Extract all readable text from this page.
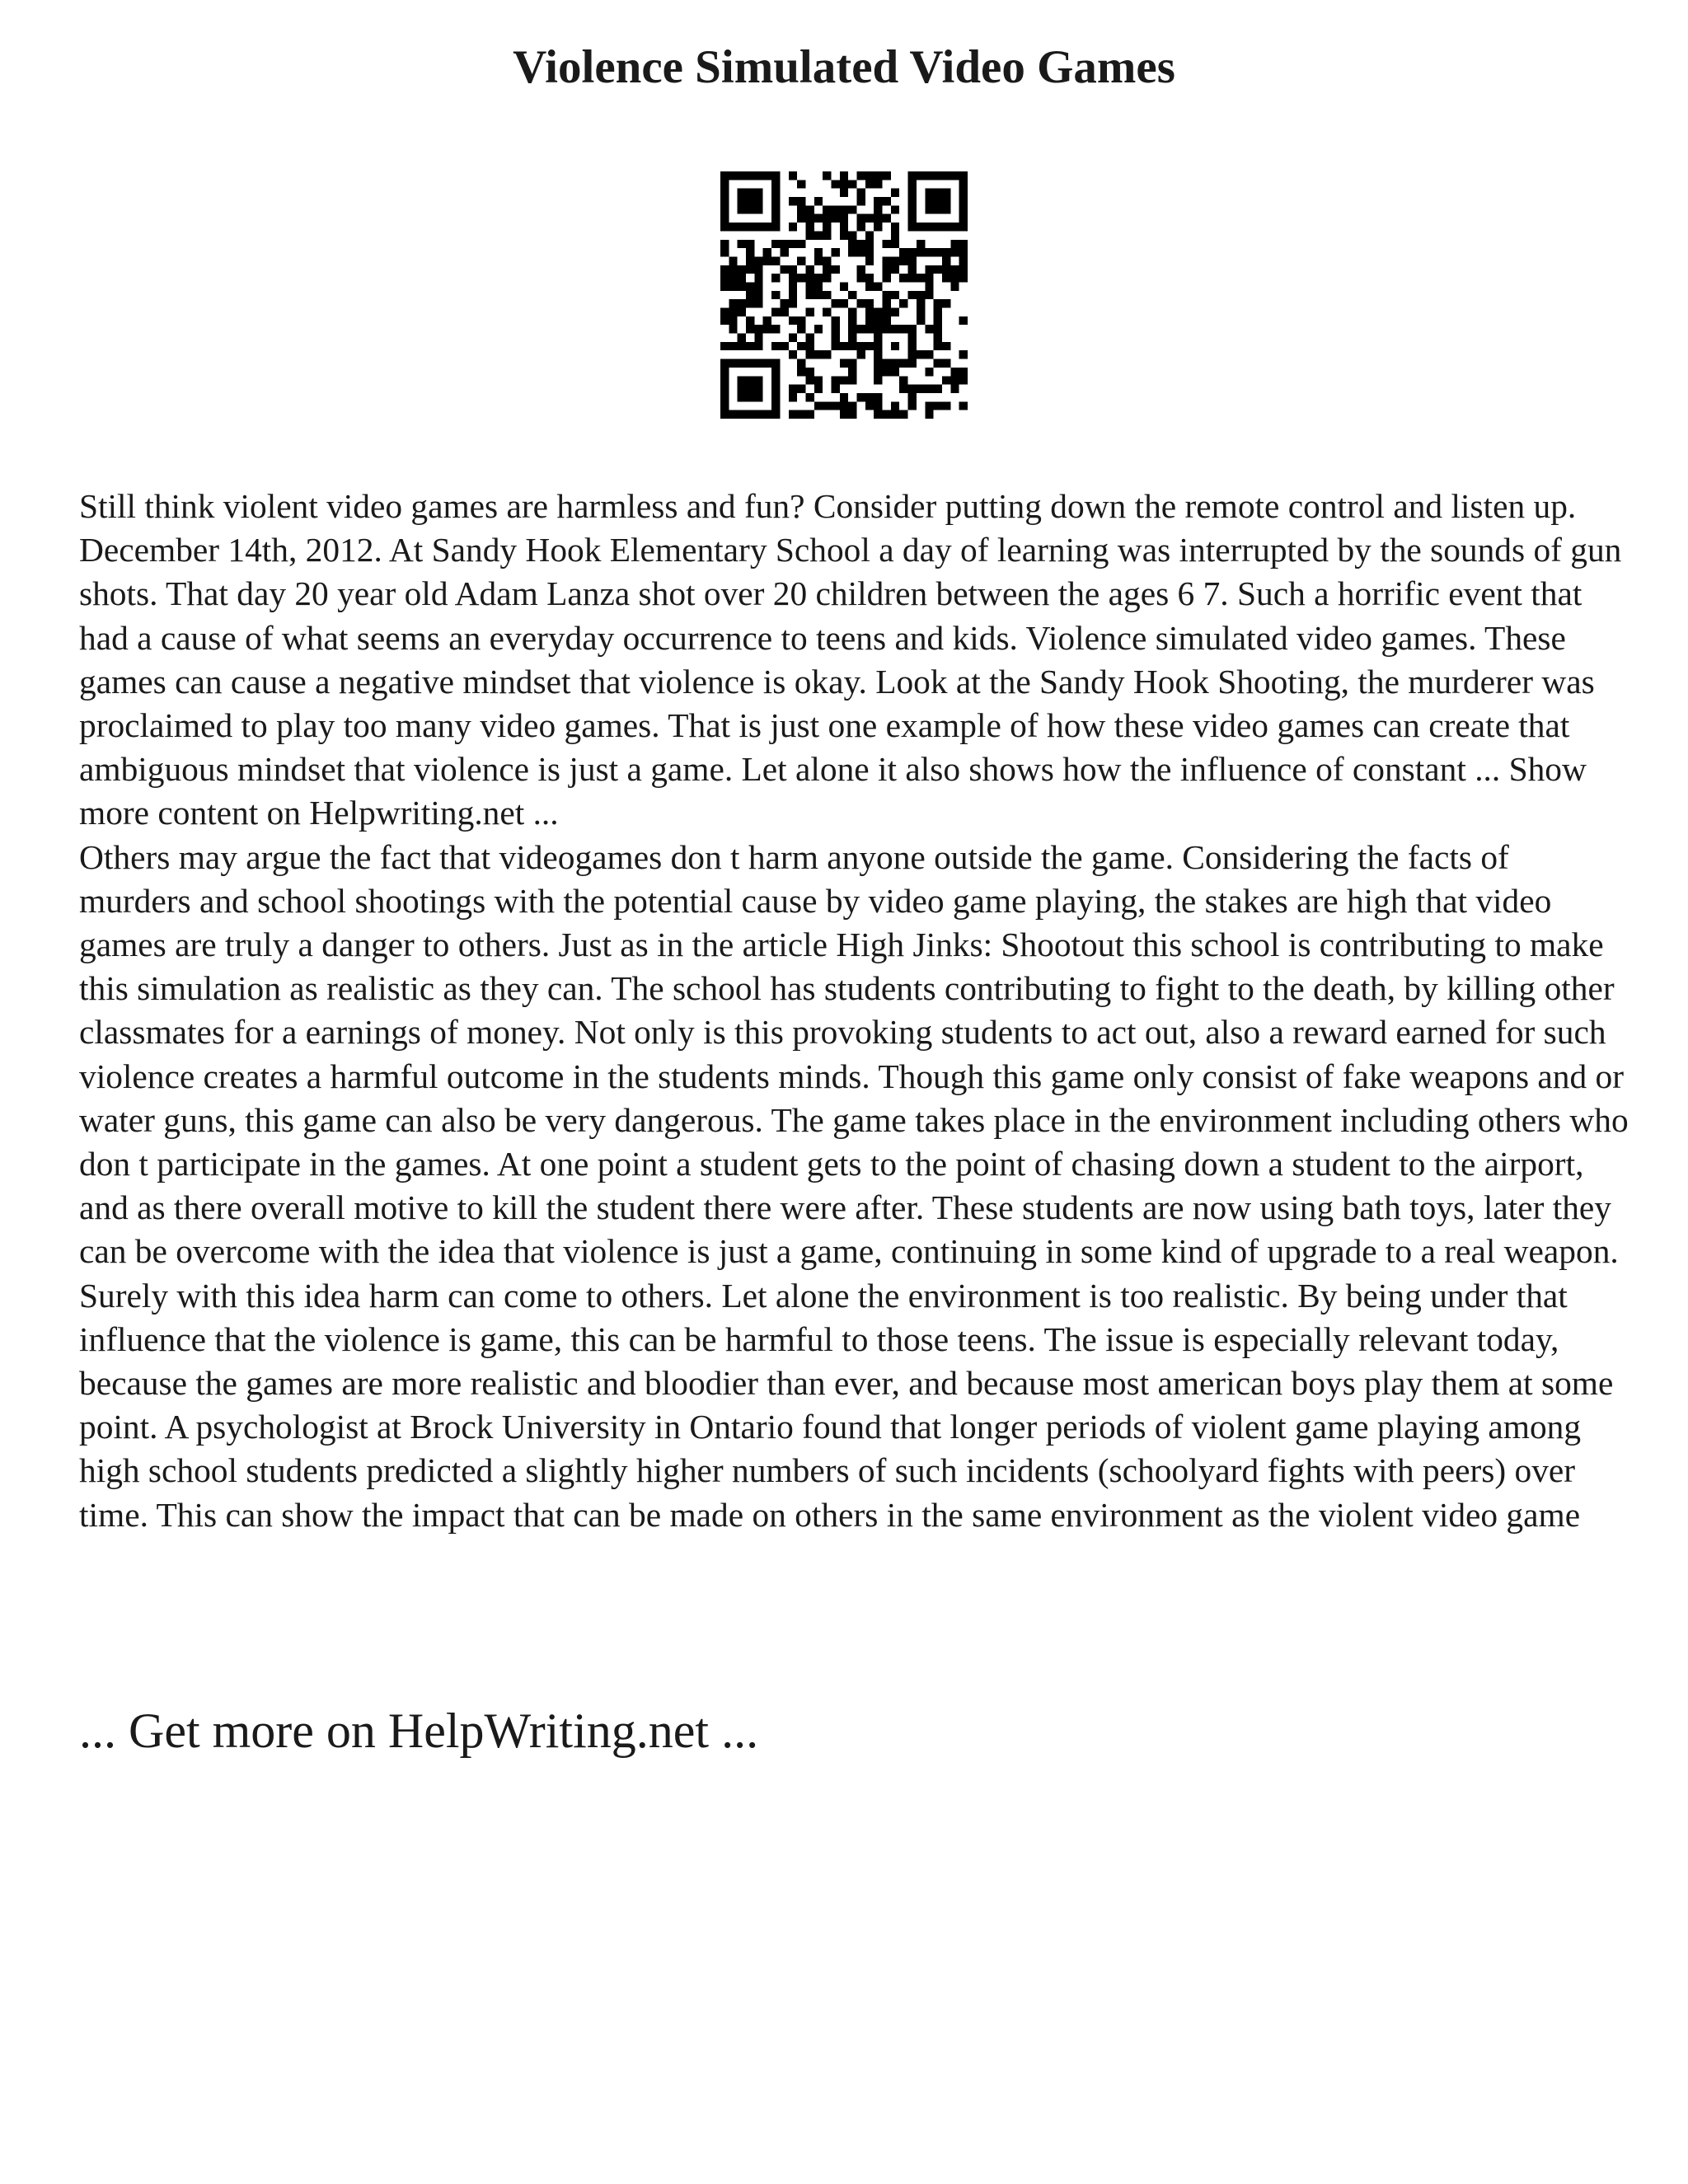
Violence Simulated Video Games

Still think violent video games are harmless and fun? Consider putting down the remote control and listen up. December 14th, 2012. At Sandy Hook Elementary School a day of learning was interrupted by the sounds of gun shots. That day 20 year old Adam Lanza shot over 20 children between the ages 6 7. Such a horrific event that had a cause of what seems an everyday occurrence to teens and kids. Violence simulated video games. These games can cause a negative mindset that violence is okay. Look at the Sandy Hook Shooting, the murderer was proclaimed to play too many video games. That is just one example of how these video games can create that ambiguous mindset that violence is just a game. Let alone it also shows how the influence of constant ... Show more content on Helpwriting.net ...

Others may argue the fact that videogames don t harm anyone outside the game. Considering the facts of murders and school shootings with the potential cause by video game playing, the stakes are high that video games are truly a danger to others. Just as in the article High Jinks: Shootout this school is contributing to make this simulation as realistic as they can. The school has students contributing to fight to the death, by killing other classmates for a earnings of money. Not only is this provoking students to act out, also a reward earned for such violence creates a harmful outcome in the students minds. Though this game only consist of fake weapons and or water guns, this game can also be very dangerous. The game takes place in the environment including others who don t participate in the games. At one point a student gets to the point of chasing down a student to the airport, and as there overall motive to kill the student there were after. These students are now using bath toys, later they can be overcome with the idea that violence is just a game, continuing in some kind of upgrade to a real weapon. Surely with this idea harm can come to others. Let alone the environment is too realistic. By being under that influence that the violence is game, this can be harmful to those teens. The issue is especially relevant today, because the games are more realistic and bloodier than ever, and because most american boys play them at some point. A psychologist at Brock University in Ontario found that longer periods of violent game playing among high school students predicted a slightly higher numbers of such incidents (schoolyard fights with peers) over time. This can show the impact that can be made on others in the same environment as the violent video game

... Get more on HelpWriting.net ...
